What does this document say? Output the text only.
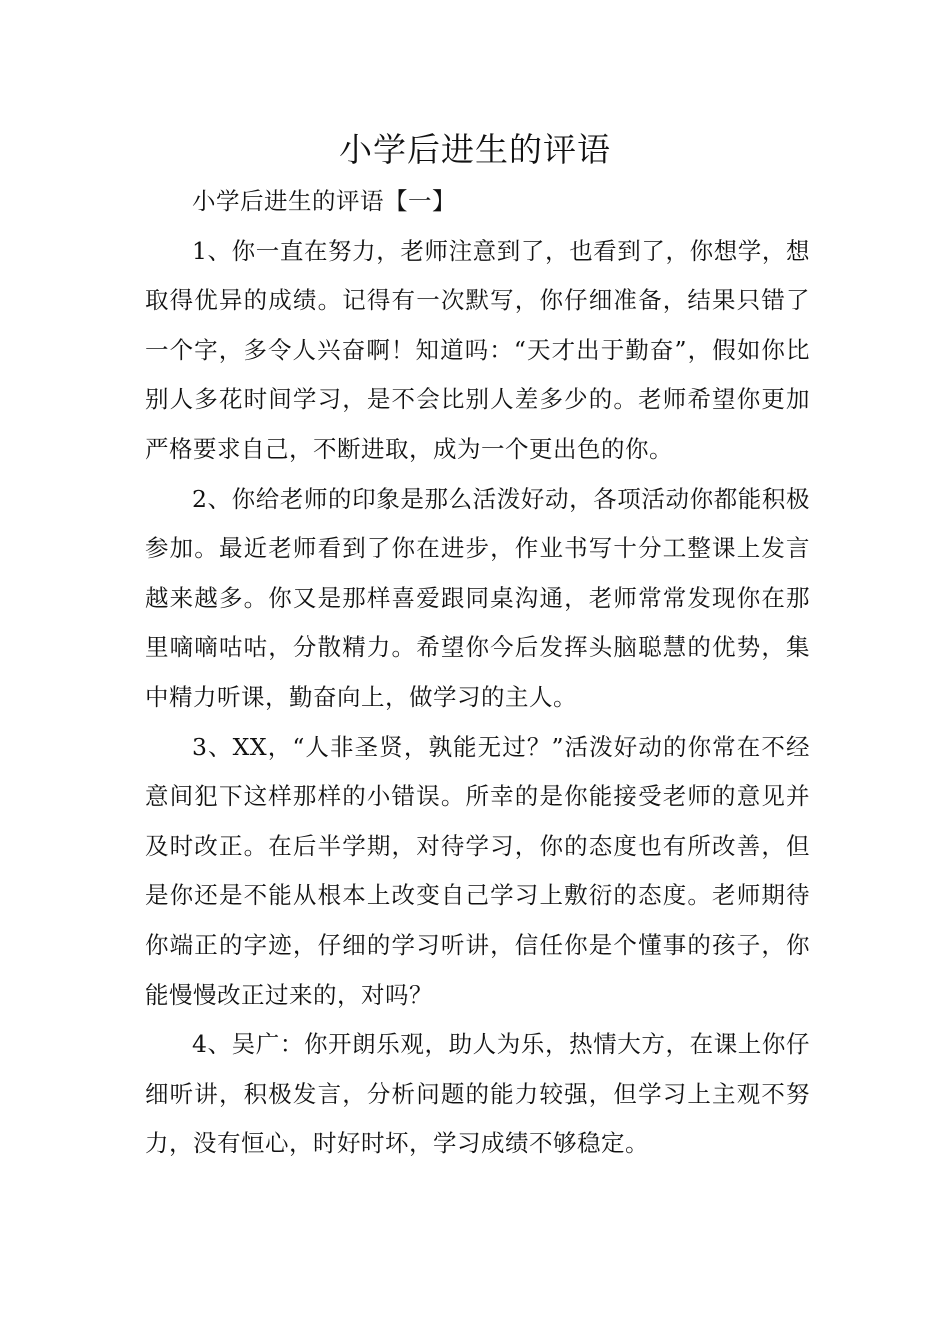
小学后进生的评语

小学后进生的评语【一】

1、你一直在努力，老师注意到了，也看到了，你想学，想取得优异的成绩。记得有一次默写，你仔细准备，结果只错了一个字，多令人兴奋啊！知道吗：“天才出于勤奋”，假如你比别人多花时间学习，是不会比别人差多少的。老师希望你更加严格要求自己，不断进取，成为一个更出色的你。

2、你给老师的印象是那么活泼好动，各项活动你都能积极参加。最近老师看到了你在进步，作业书写十分工整课上发言越来越多。你又是那样喜爱跟同桌沟通，老师常常发现你在那里嘀嘀咕咕，分散精力。希望你今后发挥头脑聪慧的优势，集中精力听课，勤奋向上，做学习的主人。

3、XX，“人非圣贤，孰能无过？”活泼好动的你常在不经意间犯下这样那样的小错误。所幸的是你能接受老师的意见并及时改正。在后半学期，对待学习，你的态度也有所改善，但是你还是不能从根本上改变自己学习上敷衍的态度。老师期待你端正的字迹，仔细的学习听讲，信任你是个懂事的孩子，你能慢慢改正过来的，对吗？

4、吴广：你开朗乐观，助人为乐，热情大方，在课上你仔细听讲，积极发言，分析问题的能力较强，但学习上主观不努力，没有恒心，时好时坏，学习成绩不够稳定。
